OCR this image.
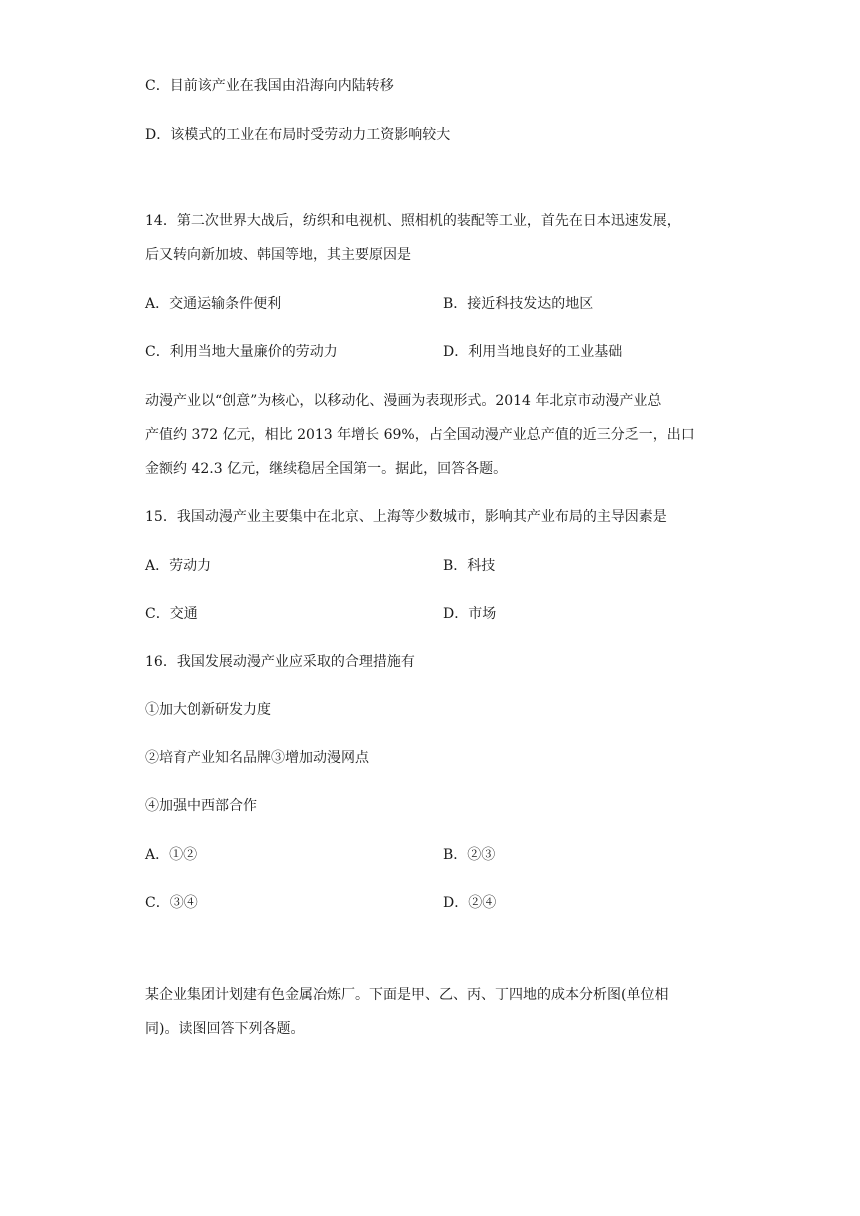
C．目前该产业在我国由沿海向内陆转移
D．该模式的工业在布局时受劳动力工资影响较大
14．第二次世界大战后，纺织和电视机、照相机的装配等工业，首先在日本迅速发展，
后又转向新加坡、韩国等地，其主要原因是
A．交通运输条件便利	B．接近科技发达的地区
C．利用当地大量廉价的劳动力	D．利用当地良好的工业基础
动漫产业以“创意”为核心，以移动化、漫画为表现形式。2014 年北京市动漫产业总
产值约 372 亿元，相比 2013 年增长 69%，占全国动漫产业总产值的近三分乏一，出口
金额约 42.3 亿元，继续稳居全国第一。据此，回答各题。
15．我国动漫产业主要集中在北京、上海等少数城市，影响其产业布局的主导因素是
A．劳动力	B．科技
C．交通	D．市场
16．我国发展动漫产业应采取的合理措施有
①加大创新研发力度
②培育产业知名品牌③增加动漫网点
④加强中西部合作
A．①②	B．②③
C．③④	D．②④
某企业集团计划建有色金属冶炼厂。下面是甲、乙、丙、丁四地的成本分析图(单位相
同)。读图回答下列各题。
